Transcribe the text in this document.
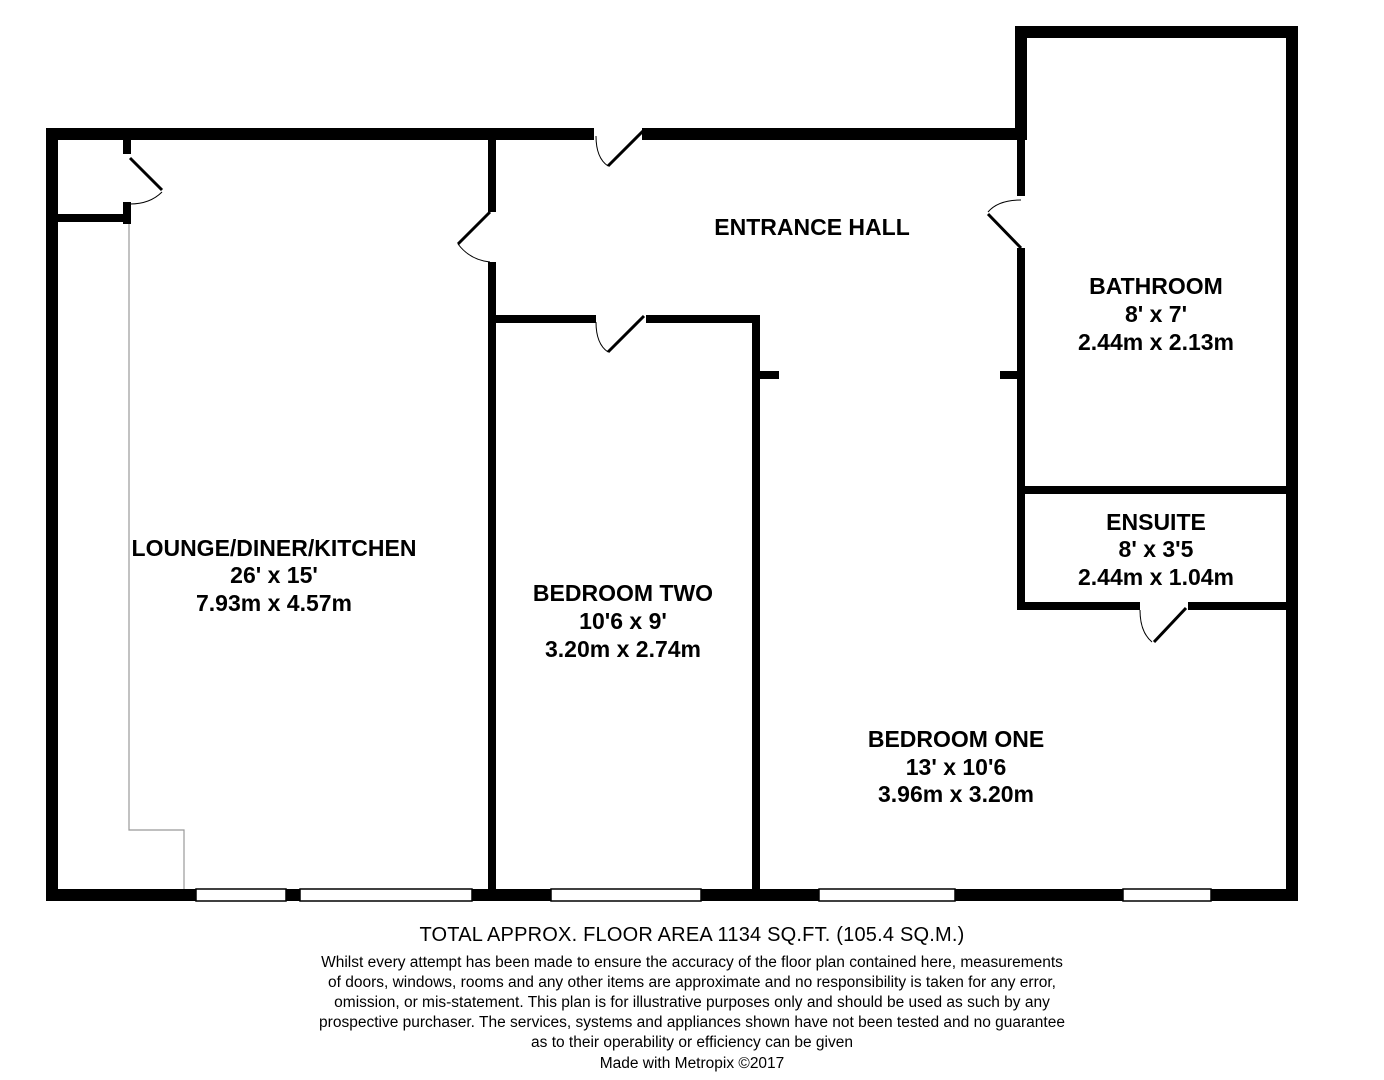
ENTRANCE HALL
BATHROOM
8' x 7'
2.44m x 2.13m
ENSUITE
8' x 3'5
2.44m x 1.04m
LOUNGE/DINER/KITCHEN
26' x 15'
7.93m x 4.57m	BEDROOM TWO
10'6 x 9'
3.20m x 2.74m
BEDROOM ONE
13' x 10'6
3.96m x 3.20m
TOTAL APPROX. FLOOR AREA 1134 SQ.FT. (105.4 SQ.M.)
Whilst every attempt has been made to ensure the accuracy of the floor plan contained here, measurements
of doors, windows, rooms and any other items are approximate and no responsibility is taken for any error,
omission, or mis-statement. This plan is for illustrative purposes only and should be used as such by any
prospective purchaser. The services, systems and appliances shown have not been tested and no guarantee
as to their operability or efficiency can be given
Made with Metropix ©2017
